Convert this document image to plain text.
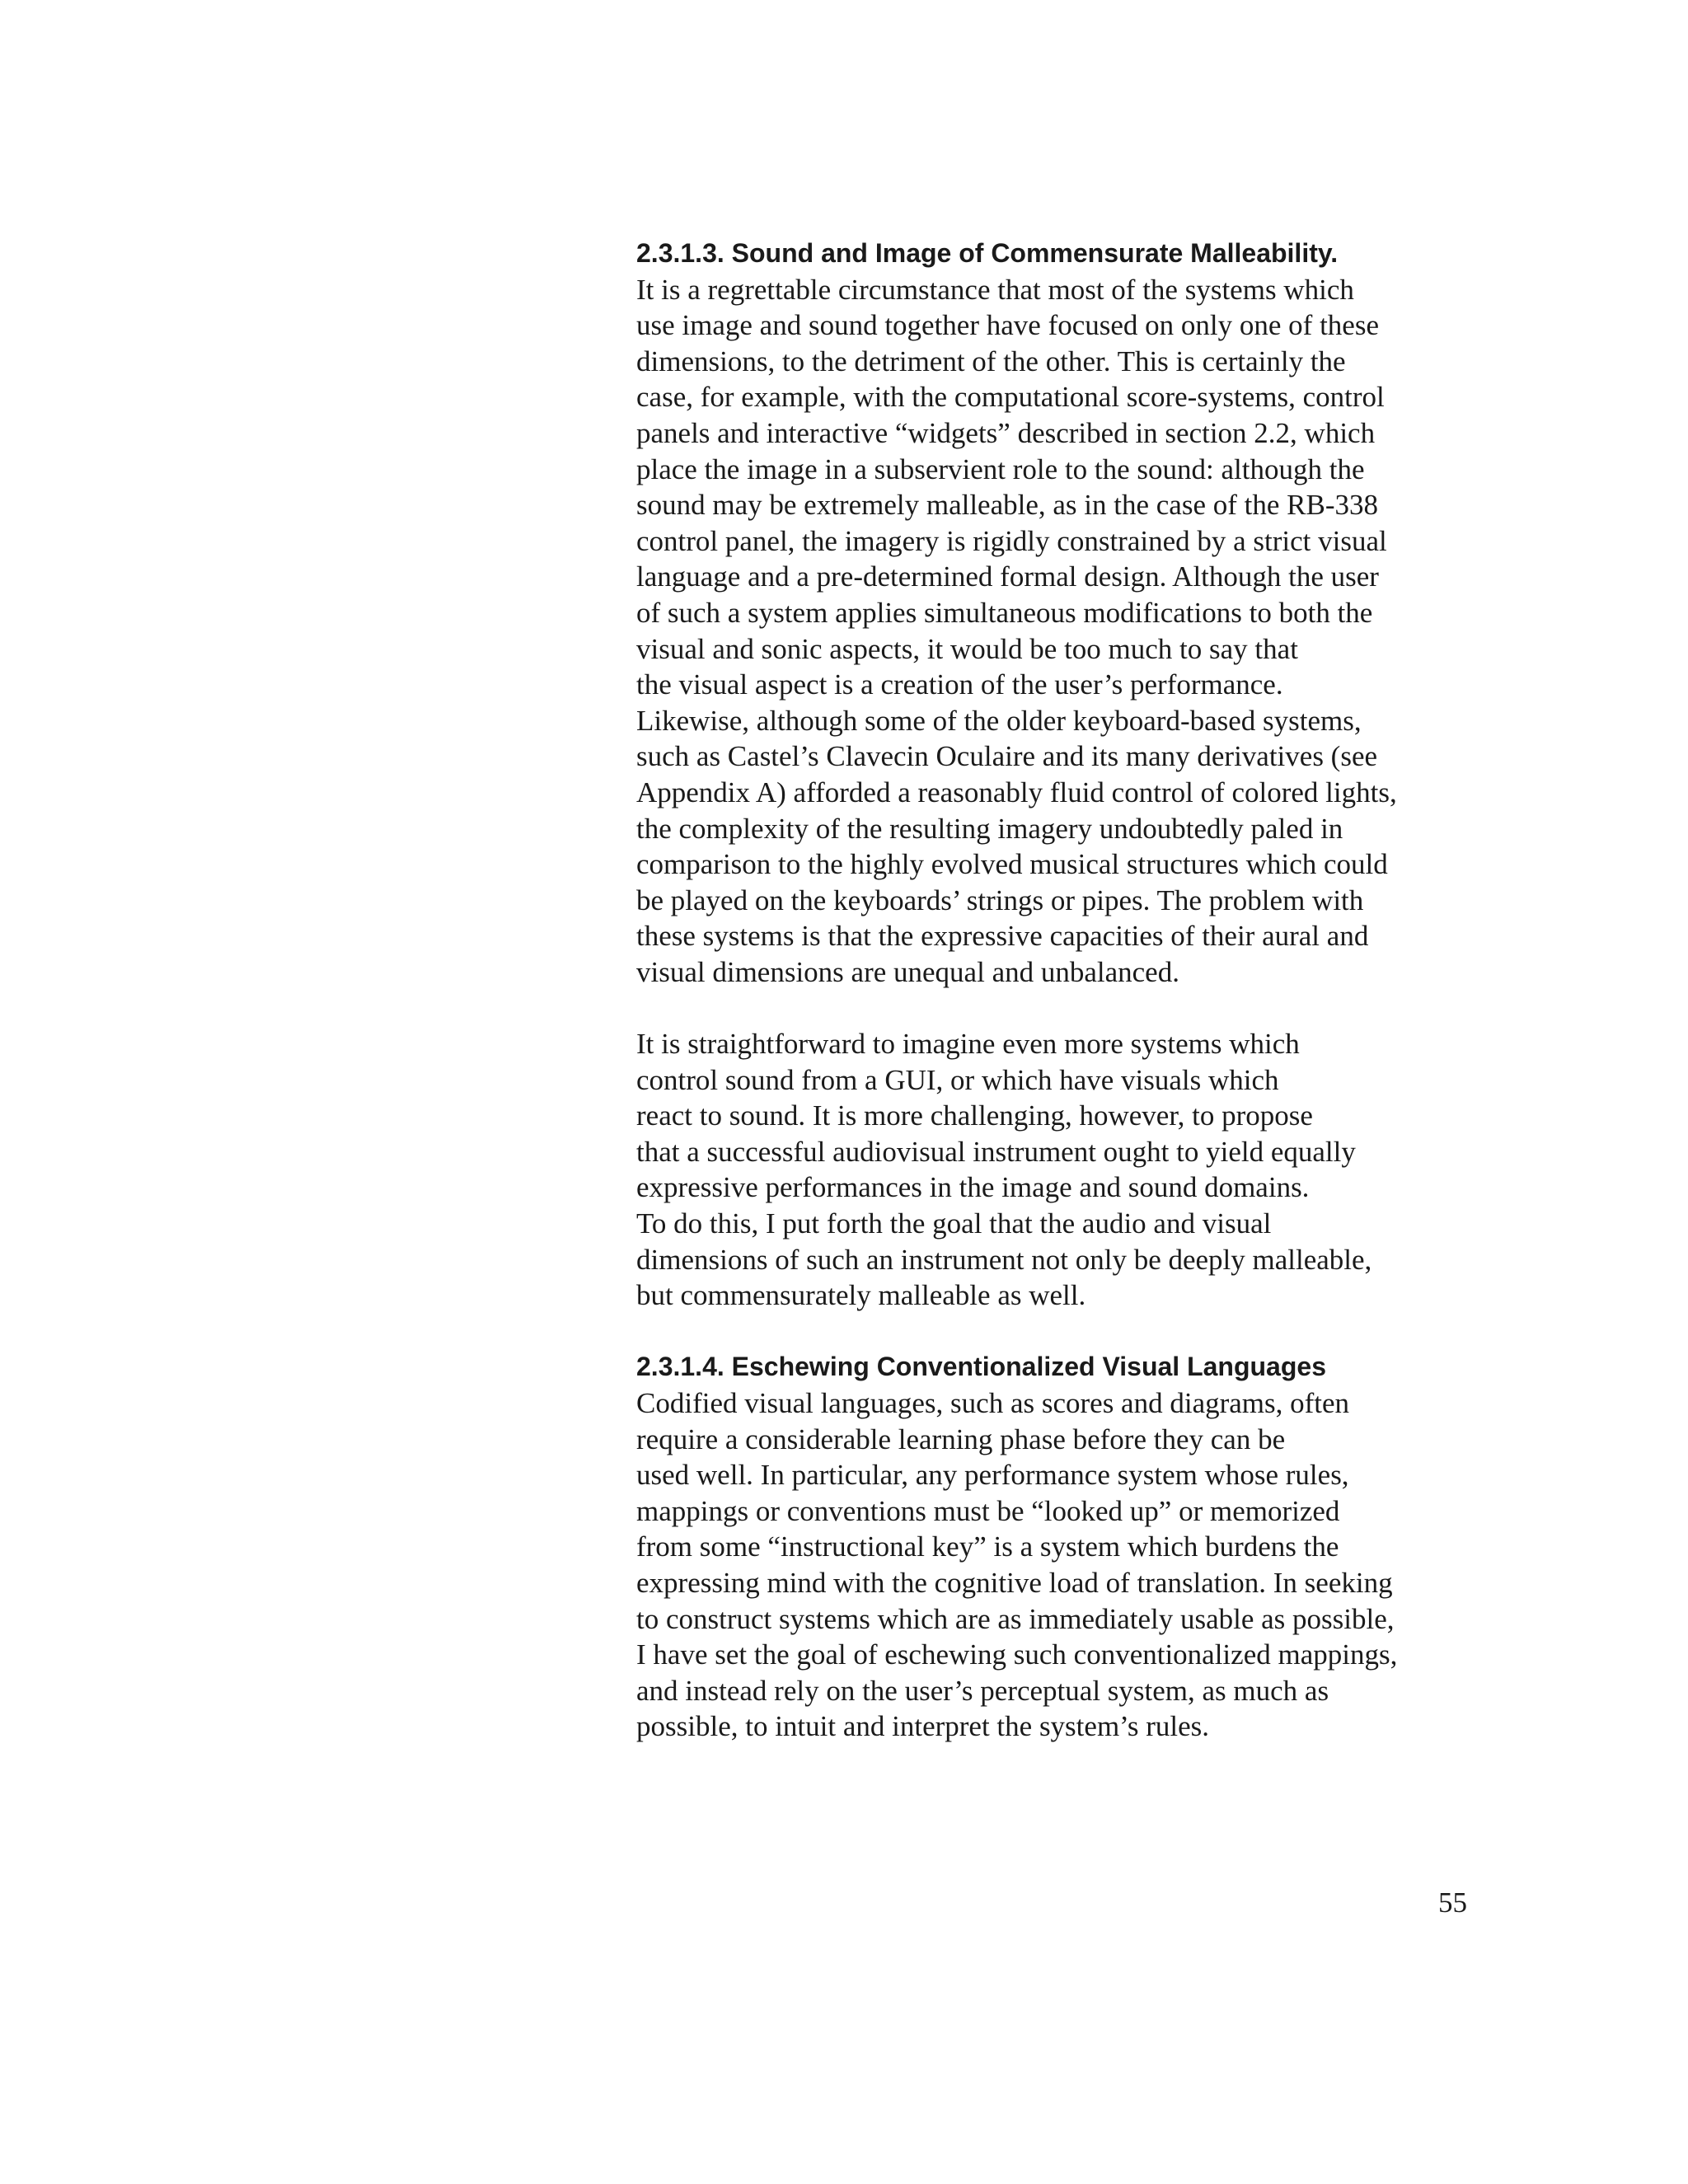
2.3.1.3. Sound and Image of Commensurate Malleability.
It is a regrettable circumstance that most of the systems which
use image and sound together have focused on only one of these
dimensions, to the detriment of the other. This is certainly the
case, for example, with the computational score-systems, control
panels and interactive “widgets” described in section 2.2, which
place the image in a subservient role to the sound: although the
sound may be extremely malleable, as in the case of the RB-338
control panel, the imagery is rigidly constrained by a strict visual
language and a pre-determined formal design. Although the user
of such a system applies simultaneous modifications to both the
visual and sonic aspects, it would be too much to say that
the visual aspect is a creation of the user’s performance.
Likewise, although some of the older keyboard-based systems,
such as Castel’s Clavecin Oculaire and its many derivatives (see
Appendix A) afforded a reasonably fluid control of colored lights,
the complexity of the resulting imagery undoubtedly paled in
comparison to the highly evolved musical structures which could
be played on the keyboards’ strings or pipes. The problem with
these systems is that the expressive capacities of their aural and
visual dimensions are unequal and unbalanced.
It is straightforward to imagine even more systems which
control sound from a GUI, or which have visuals which
react to sound. It is more challenging, however, to propose
that a successful audiovisual instrument ought to yield equally
expressive performances in the image and sound domains.
To do this, I put forth the goal that the audio and visual
dimensions of such an instrument not only be deeply malleable,
but commensurately malleable as well.
2.3.1.4. Eschewing Conventionalized Visual Languages
Codified visual languages, such as scores and diagrams, often
require a considerable learning phase before they can be
used well. In particular, any performance system whose rules,
mappings or conventions must be “looked up” or memorized
from some “instructional key” is a system which burdens the
expressing mind with the cognitive load of translation. In seeking
to construct systems which are as immediately usable as possible,
I have set the goal of eschewing such conventionalized mappings,
and instead rely on the user’s perceptual system, as much as
possible, to intuit and interpret the system’s rules.
55
